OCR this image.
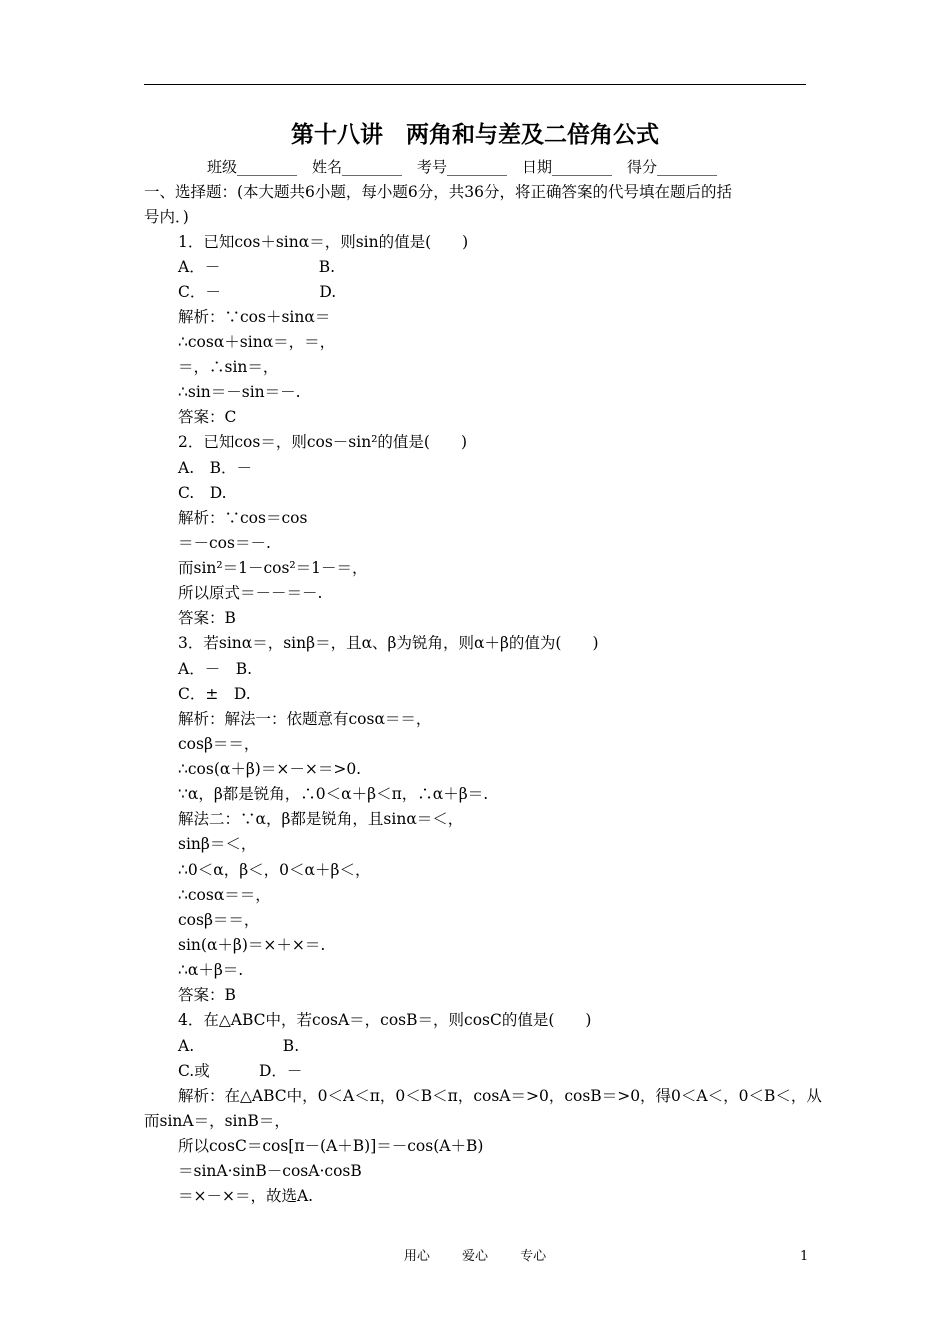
第十八讲　两角和与差及二倍角公式
班级________　姓名________　考号________　日期________　得分________
一、选择题：(本大题共6小题，每小题6分，共36分，将正确答案的代号填在题后的括
号内．)
1．已知cos＋sinα＝，则sin的值是(　　)
A．－                    B.
C．－                    D.
解析：∵cos＋sinα＝
∴cosα＋sinα＝，＝，
＝，∴sin＝，
∴sin＝－sin＝－.
答案：C
2．已知cos＝，则cos－sin²的值是(　　)
A.　B．－
C.　D.
解析：∵cos＝cos
＝－cos＝－.
而sin²＝1－cos²＝1－＝，
所以原式＝－－＝－.
答案：B
3．若sinα＝，sinβ＝，且α、β为锐角，则α＋β的值为(　　)
A．－　B.
C．±　D.
解析：解法一：依题意有cosα＝＝，
cosβ＝＝，
∴cos(α＋β)＝×－×＝>0.
∵α，β都是锐角，∴0＜α＋β＜π，∴α＋β＝.
解法二：∵α，β都是锐角，且sinα＝＜，
sinβ＝＜，
∴0＜α，β＜，0＜α＋β＜，
∴cosα＝＝，
cosβ＝＝，
sin(α＋β)＝×＋×＝.
∴α＋β＝.
答案：B
4．在△ABC中，若cosA＝，cosB＝，则cosC的值是(　　)
A.                  B.
C.或          D．－
解析：在△ABC中，0＜A＜π，0＜B＜π，cosA＝>0，cosB＝>0，得0＜A＜，0＜B＜，从
而sinA＝，sinB＝，
所以cosC＝cos[π－(A＋B)]＝－cos(A＋B)
＝sinA·sinB－cosA·cosB
＝×－×＝，故选A.
用心 爱心 专心	1
